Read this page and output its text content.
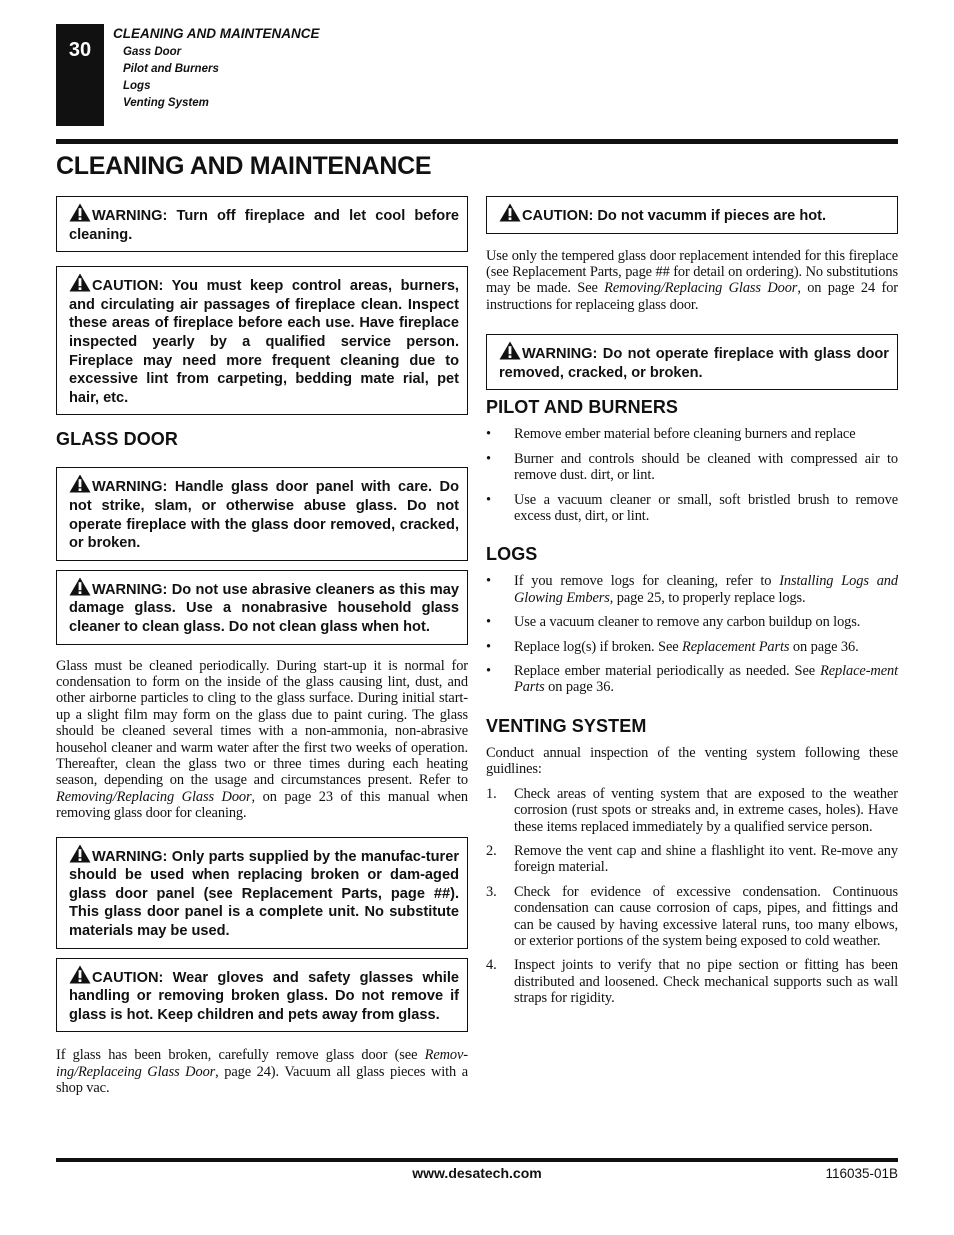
30
CLEANING AND MAINTENANCE
Gass Door
Pilot and Burners
Logs
Venting System
CLEANING AND MAINTENANCE
WARNING: Turn off fireplace and let cool before cleaning.
CAUTION: You must keep control areas, burners, and circulating air passages of fireplace clean. Inspect these areas of fireplace before each use. Have fireplace inspected yearly by a qualified service person. Fireplace may need more frequent cleaning due to excessive lint from carpeting, bedding mate rial, pet hair, etc.
GLASS DOOR
WARNING: Handle glass door panel with care. Do not strike, slam, or otherwise abuse glass. Do not operate fireplace with the glass door removed, cracked, or broken.
WARNING: Do not use abrasive cleaners as this may damage glass. Use a nonabrasive household glass cleaner to clean glass. Do not clean glass when hot.

Glass must be cleaned periodically. During start-up it is normal for condensation to form on the inside of the glass causing lint, dust, and other airborne particles to cling to the glass surface. During initial start-up a slight film may form on the glass due to paint curing. The glass should be cleaned several times with a non-ammonia, non-abrasive househol cleaner and warm water after the first two weeks of operation. Thereafter, clean the glass two or three times during each heating season, depending on the usage and circumstances present. Refer to Removing/Replacing Glass Door, on page 23 of this manual when removing glass door for cleaning.

WARNING: Only parts supplied by the manufac-turer should be used when replacing broken or dam-aged glass door panel (see Replacement Parts, page ##). This glass door panel is a complete unit. No substitute materials may be used.
CAUTION: Wear gloves and safety glasses while handling or removing broken glass. Do not remove if glass is hot. Keep children and pets away from glass.

If glass has been broken, carefully remove glass door (see Remov-ing/Replaceing Glass Door, page 24). Vacuum all glass pieces with a shop vac.

CAUTION: Do not vacumm if pieces are hot.

Use only the tempered glass door replacement intended for this fireplace (see Replacement Parts, page ## for detail on ordering). No substitutions may be made. See Removing/Replacing Glass Door, on page 24 for instructions for replaceing glass door.

WARNING: Do not operate fireplace with glass door removed, cracked, or broken.
PILOT AND BURNERS
• Remove ember material before cleaning burners and replace
• Burner and controls should be cleaned with compressed air to remove dust. dirt, or lint.
• Use a vacuum cleaner or small, soft bristled brush to remove excess dust, dirt, or lint.
LOGS
• If you remove logs for cleaning, refer to Installing Logs and Glowing Embers, page 25, to properly replace logs.
• Use a vacuum cleaner to remove any carbon buildup on logs.
• Replace log(s) if broken. See Replacement Parts on page 36.
• Replace ember material periodically as needed. See Replace-ment Parts on page 36.
VENTING SYSTEM

Conduct annual inspection of the venting system following these guidlines:

1. Check areas of venting system that are exposed to the weather corrosion (rust spots or streaks and, in extreme cases, holes). Have these items replaced immediately by a qualified service person.
2. Remove the vent cap and shine a flashlight ito vent. Re-move any foreign material.
3. Check for evidence of excessive condensation. Continuous condensation can cause corrosion of caps, pipes, and fittings and can be caused by having excessive lateral runs, too many elbows, or exterior portions of the system being exposed to cold weather.
4. Inspect joints to verify that no pipe section or fitting has been distributed and loosened. Check mechanical supports such as wall straps for rigidity.
www.desatech.com	116035-01B
